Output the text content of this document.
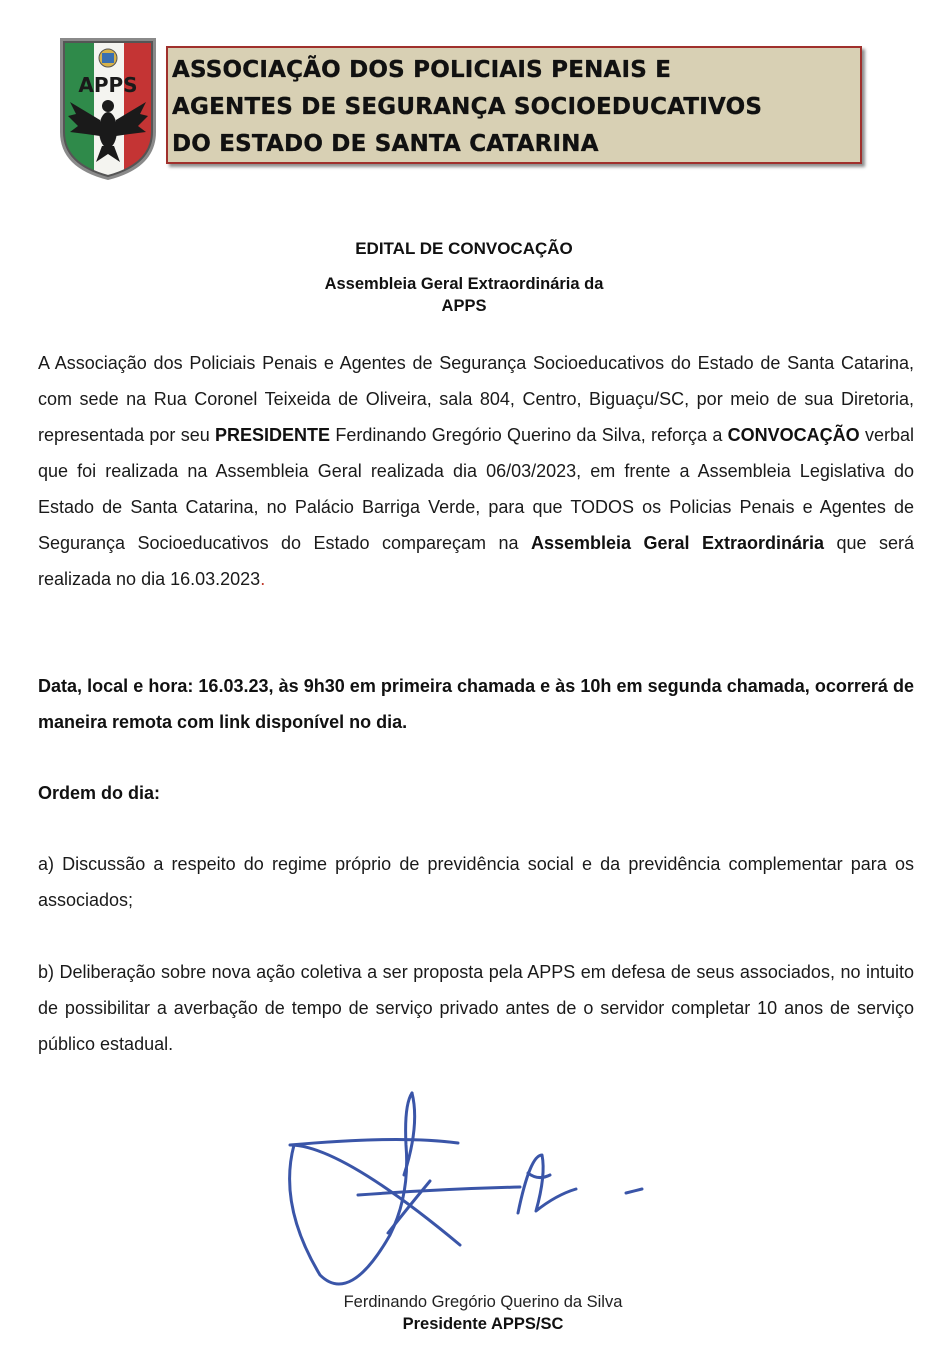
APPS
ASSOCIAÇÃO DOS POLICIAIS PENAIS E
AGENTES DE SEGURANÇA SOCIOEDUCATIVOS
DO ESTADO DE SANTA CATARINA
EDITAL DE CONVOCAÇÃO
Assembleia Geral Extraordinária da
APPS
A Associação dos Policiais Penais e Agentes de Segurança Socioeducativos do Estado de Santa Catarina, com sede na Rua Coronel Teixeida de Oliveira, sala 804, Centro, Biguaçu/SC, por meio de sua Diretoria, representada por seu PRESIDENTE Ferdinando Gregório Querino da Silva, reforça a CONVOCAÇÃO verbal que foi realizada na Assembleia Geral realizada dia 06/03/2023, em frente a Assembleia Legislativa do Estado de Santa Catarina, no Palácio Barriga Verde, para que TODOS os Policias Penais e Agentes de Segurança Socioeducativos do Estado compareçam na Assembleia Geral Extraordinária que será realizada no dia 16.03.2023.
Data, local e hora: 16.03.23, às 9h30 em primeira chamada e às 10h em segunda chamada, ocorrerá de maneira remota com link disponível no dia.
Ordem do dia:
a) Discussão a respeito do regime próprio de previdência social e da previdência complementar para os associados;
b) Deliberação sobre nova ação coletiva a ser proposta pela APPS em defesa de seus associados, no intuito de possibilitar a averbação de tempo de serviço privado antes de o servidor completar 10 anos de serviço público estadual.
Ferdinando Gregório Querino da Silva
Presidente APPS/SC
